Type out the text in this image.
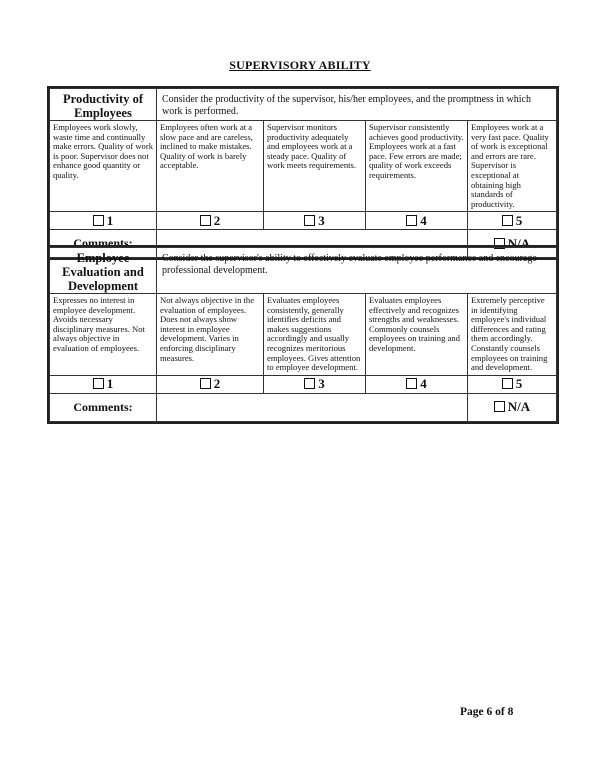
SUPERVISORY ABILITY
Productivity of Employees	Consider the productivity of the supervisor, his/her employees, and the promptness in which work is performed.			
Employees work slowly, waste time and continually make errors. Quality of work is poor. Supervisor does not enhance good quantity or quality.	Employees often work at a slow pace and are careless, inclined to make mistakes. Quality of work is barely acceptable.	Supervisor monitors productivity adequately and employees work at a steady pace. Quality of work meets requirements.	Supervisor consistently achieves good productivity. Employees work at a fast pace. Few errors are made; quality of work exceeds requirements.	Employees work at a very fast pace. Quality of work is exceptional and errors are rare. Supervisor is exceptional at obtaining high standards of productivity.
1	2	3	4	5
Comments:				N/A
Employee Evaluation and Development	Consider the supervisor's ability to effectively evaluate employee performance and encourage professional development.			
Expresses no interest in employee development. Avoids necessary disciplinary measures. Not always objective in evaluation of employees.	Not always objective in the evaluation of employees. Does not always show interest in employee development. Varies in enforcing disciplinary measures.	Evaluates employees consistently, generally identifies deficits and makes suggestions accordingly and usually recognizes meritorious employees. Gives attention to employee development.	Evaluates employees effectively and recognizes strengths and weaknesses. Commonly counsels employees on training and development.	Extremely perceptive in identifying employee's individual differences and rating them accordingly. Constantly counsels employees on training and development.
1	2	3	4	5
Comments:				N/A
Page 6 of 8
